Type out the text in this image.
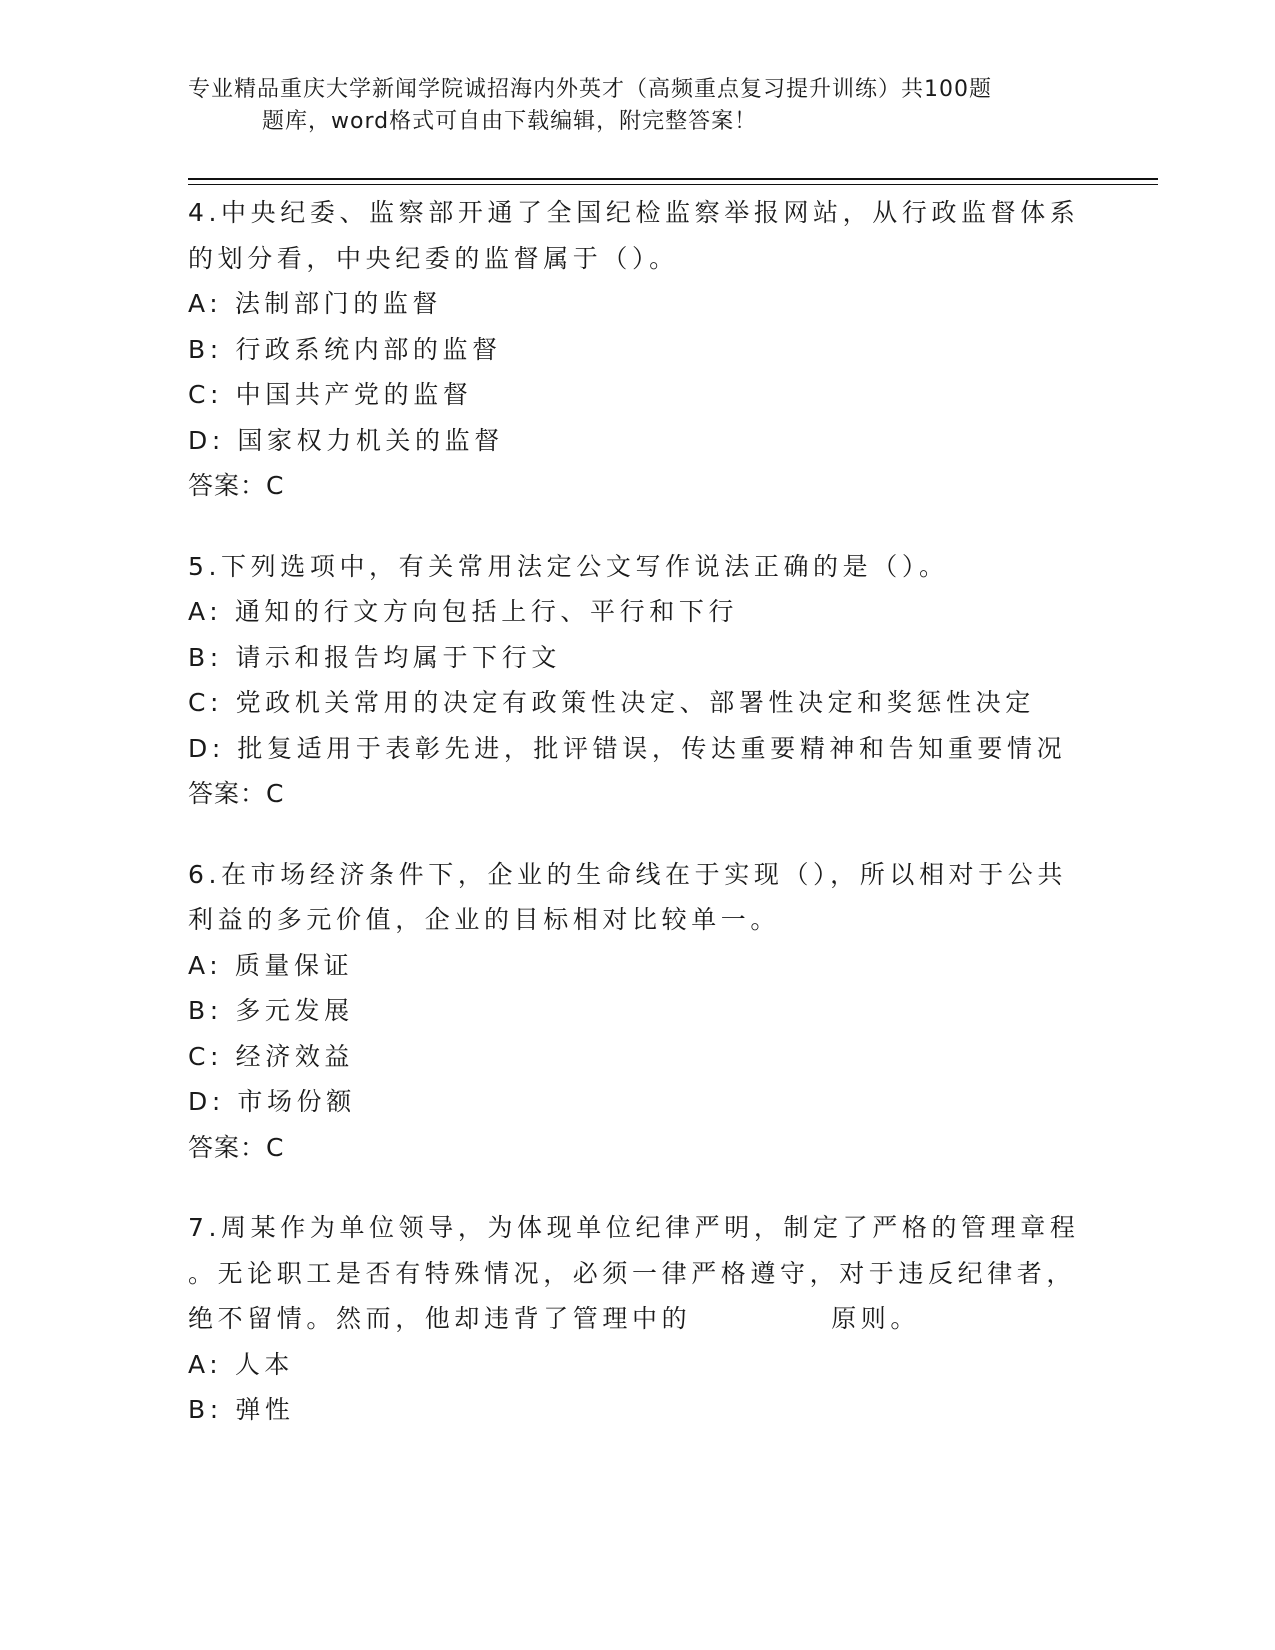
专业精品重庆大学新闻学院诚招海内外英才（高频重点复习提升训练）共100题
题库，word格式可自由下载编辑，附完整答案！
4.中央纪委、监察部开通了全国纪检监察举报网站，从行政监督体系
的划分看，中央纪委的监督属于（）。
A: 法制部门的监督
B: 行政系统内部的监督
C: 中国共产党的监督
D: 国家权力机关的监督
答案：C
5.下列选项中，有关常用法定公文写作说法正确的是（）。
A: 通知的行文方向包括上行、平行和下行
B: 请示和报告均属于下行文
C: 党政机关常用的决定有政策性决定、部署性决定和奖惩性决定
D: 批复适用于表彰先进，批评错误，传达重要精神和告知重要情况
答案：C
6.在市场经济条件下，企业的生命线在于实现（），所以相对于公共
利益的多元价值，企业的目标相对比较单一。
A: 质量保证
B: 多元发展
C: 经济效益
D: 市场份额
答案：C
7.周某作为单位领导，为体现单位纪律严明，制定了严格的管理章程
。无论职工是否有特殊情况，必须一律严格遵守，对于违反纪律者，
绝不留情。然而，他却违背了管理中的	原则。
A: 人本
B: 弹性
